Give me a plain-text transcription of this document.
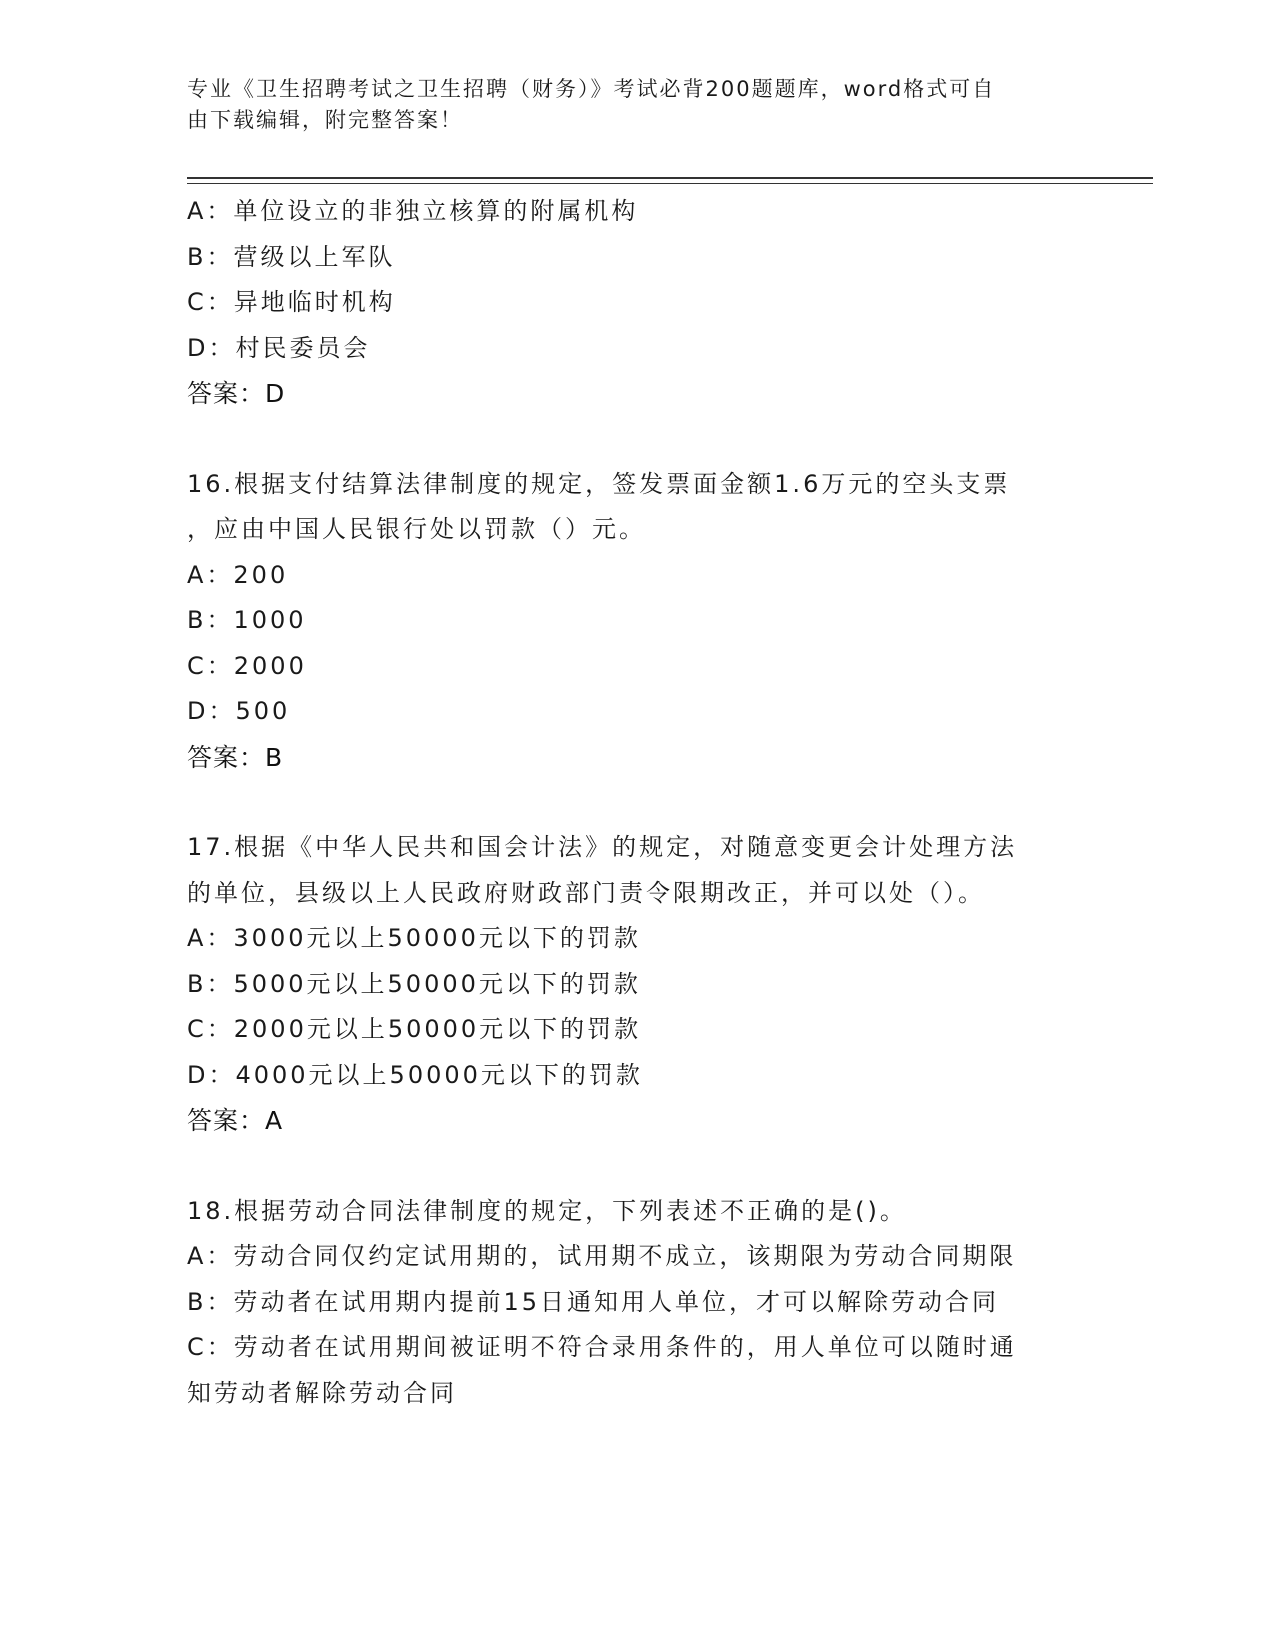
专业《卫生招聘考试之卫生招聘（财务）》考试必背200题题库，word格式可自
由下载编辑，附完整答案！
A：单位设立的非独立核算的附属机构
B：营级以上军队
C：异地临时机构
D：村民委员会
答案：D
16.根据支付结算法律制度的规定，签发票面金额1.6万元的空头支票
，应由中国人民银行处以罚款（）元。
A：200
B：1000
C：2000
D：500
答案：B
17.根据《中华人民共和国会计法》的规定，对随意变更会计处理方法
的单位，县级以上人民政府财政部门责令限期改正，并可以处（）。
A：3000元以上50000元以下的罚款
B：5000元以上50000元以下的罚款
C：2000元以上50000元以下的罚款
D：4000元以上50000元以下的罚款
答案：A
18.根据劳动合同法律制度的规定，下列表述不正确的是()。
A：劳动合同仅约定试用期的，试用期不成立，该期限为劳动合同期限
B：劳动者在试用期内提前15日通知用人单位，才可以解除劳动合同
C：劳动者在试用期间被证明不符合录用条件的，用人单位可以随时通
知劳动者解除劳动合同
